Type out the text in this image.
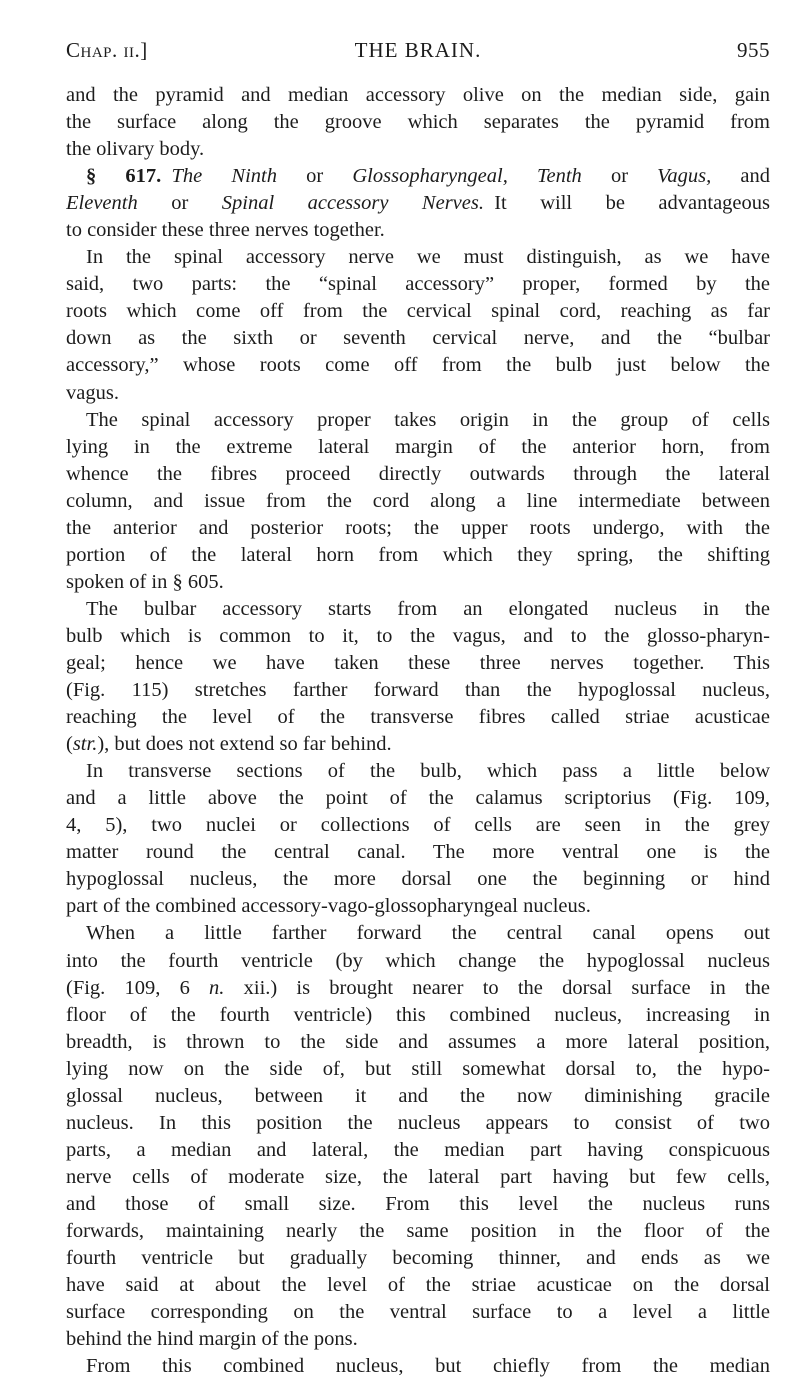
Chap. ii.]	THE BRAIN.	955
and the pyramid and median accessory olive on the median side, gain
the surface along the groove which separates the pyramid from
the olivary body.
§ 617.  The Ninth or Glossopharyngeal, Tenth or Vagus, and
Eleventh or Spinal accessory Nerves. It will be advantageous
to consider these three nerves together.
In the spinal accessory nerve we must distinguish, as we have
said, two parts: the “spinal accessory” proper, formed by the
roots which come off from the cervical spinal cord, reaching as far
down as the sixth or seventh cervical nerve, and the “bulbar
accessory,” whose roots come off from the bulb just below the
vagus.
The spinal accessory proper takes origin in the group of cells
lying in the extreme lateral margin of the anterior horn, from
whence the fibres proceed directly outwards through the lateral
column, and issue from the cord along a line intermediate between
the anterior and posterior roots; the upper roots undergo, with the
portion of the lateral horn from which they spring, the shifting
spoken of in § 605.
The bulbar accessory starts from an elongated nucleus in the
bulb which is common to it, to the vagus, and to the glosso-pharyn-
geal; hence we have taken these three nerves together. This
(Fig. 115) stretches farther forward than the hypoglossal nucleus,
reaching the level of the transverse fibres called striae acusticae
(str.), but does not extend so far behind.
In transverse sections of the bulb, which pass a little below
and a little above the point of the calamus scriptorius (Fig. 109,
4, 5), two nuclei or collections of cells are seen in the grey
matter round the central canal. The more ventral one is the
hypoglossal nucleus, the more dorsal one the beginning or hind
part of the combined accessory-vago-glossopharyngeal nucleus.
When a little farther forward the central canal opens out
into the fourth ventricle (by which change the hypoglossal nucleus
(Fig. 109, 6 n. xii.) is brought nearer to the dorsal surface in the
floor of the fourth ventricle) this combined nucleus, increasing in
breadth, is thrown to the side and assumes a more lateral position,
lying now on the side of, but still somewhat dorsal to, the hypo-
glossal nucleus, between it and the now diminishing gracile
nucleus. In this position the nucleus appears to consist of two
parts, a median and lateral, the median part having conspicuous
nerve cells of moderate size, the lateral part having but few cells,
and those of small size. From this level the nucleus runs
forwards, maintaining nearly the same position in the floor of the
fourth ventricle but gradually becoming thinner, and ends as we
have said at about the level of the striae acusticae on the dorsal
surface corresponding on the ventral surface to a level a little
behind the hind margin of the pons.
From this combined nucleus, but chiefly from the median
